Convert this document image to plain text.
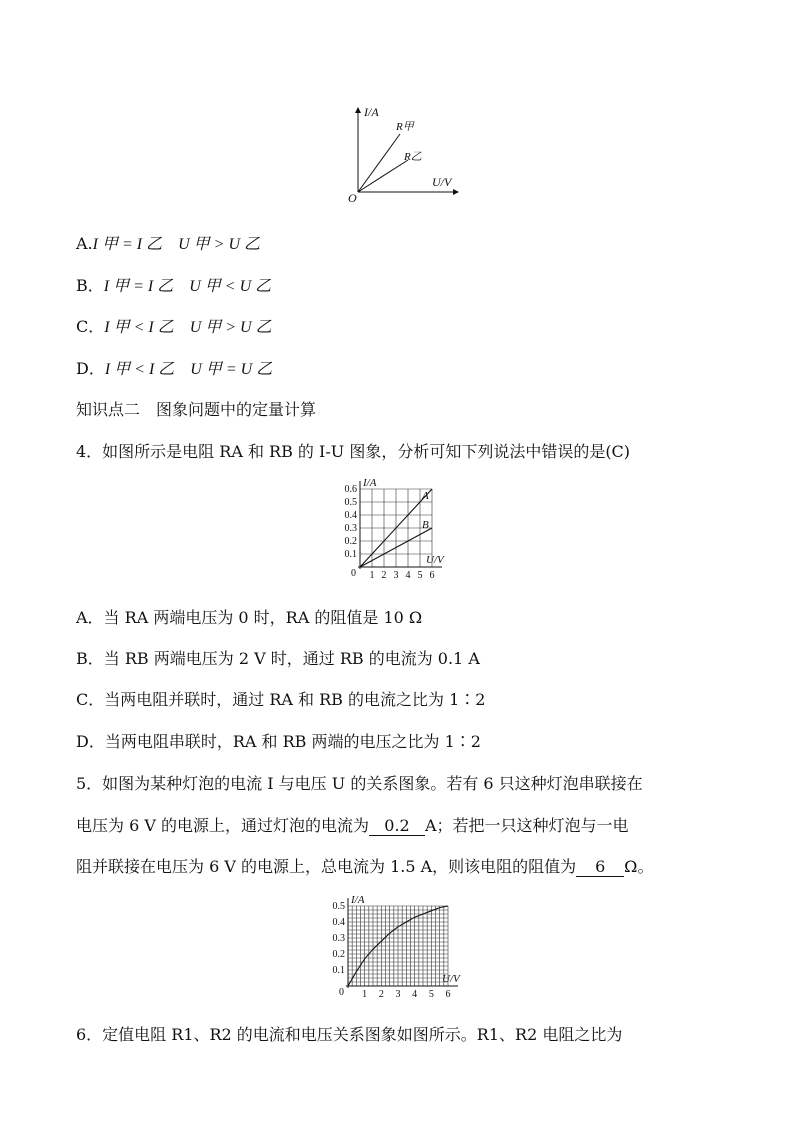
I/A
U/V
O
R甲
R乙
A.I 甲 = I 乙　U 甲 > U 乙
B．I 甲 = I 乙　U 甲 < U 乙
C．I 甲 < I 乙　U 甲 > U 乙
D．I 甲 < I 乙　U 甲 = U 乙
知识点二　图象问题中的定量计算
4．如图所示是电阻 RA 和 RB 的 I-U 图象，分析可知下列说法中错误的是(C)
1 2 3 4 5 6
0.1
0.2
0.3
0.4
0.5
0.6
0
I/A
U/V
A
B
A．当 RA 两端电压为 0 时，RA 的阻值是 10 Ω
B．当 RB 两端电压为 2 V 时，通过 RB 的电流为 0.1 A
C．当两电阻并联时，通过 RA 和 RB 的电流之比为 1∶2
D．当两电阻串联时，RA 和 RB 两端的电压之比为 1∶2
5．如图为某种灯泡的电流 I 与电压 U 的关系图象。若有 6 只这种灯泡串联接在
电压为 6 V 的电源上，通过灯泡的电流为 0.2 A；若把一只这种灯泡与一电
阻并联接在电压为 6 V 的电源上，总电流为 1.5 A，则该电阻的阻值为 6 Ω。
1 2 3 4 5 6
0.1
0.2
0.3
0.4
0.5
0
I/A
U/V
6．定值电阻 R1、R2 的电流和电压关系图象如图所示。R1、R2 电阻之比为
